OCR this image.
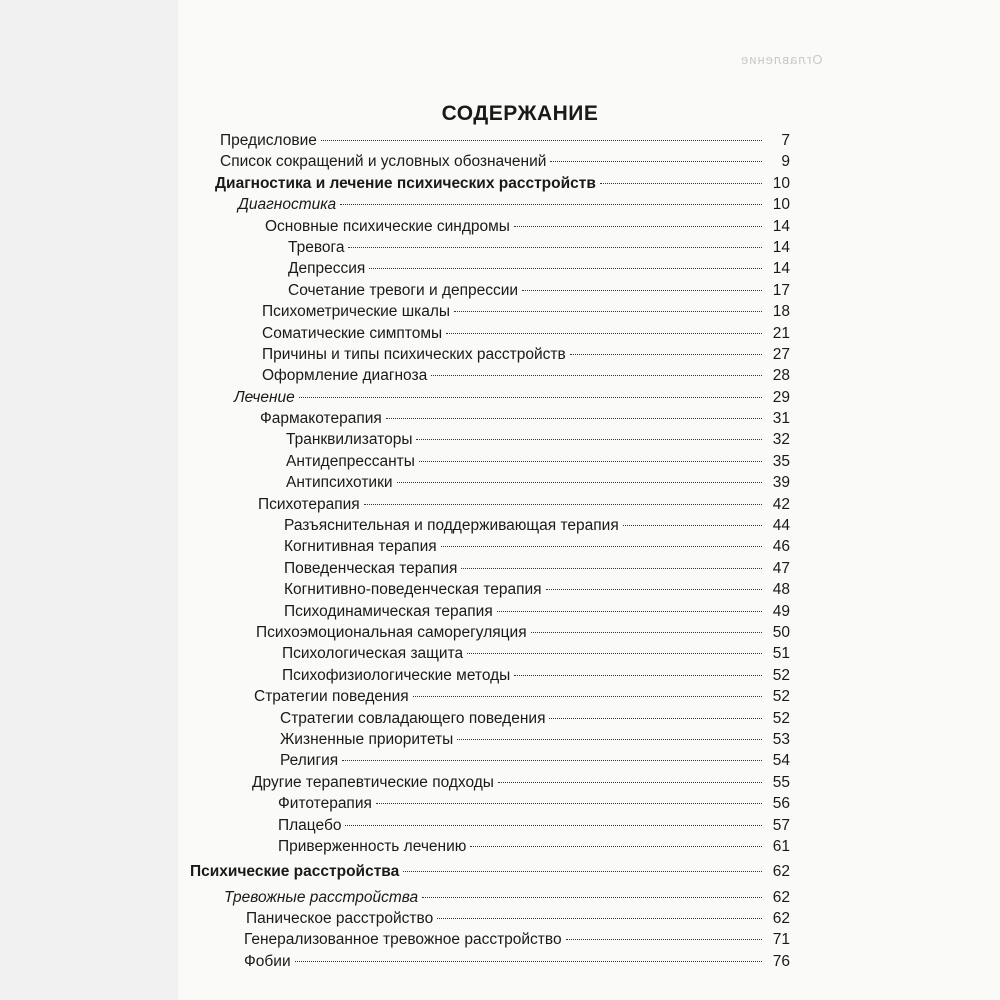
Оглавление
СОДЕРЖАНИЕ
Предисловие	7
Список сокращений и условных обозначений	9
Диагностика и лечение психических расстройств	10
Диагностика	10
Основные психические синдромы	14
Тревога	14
Депрессия	14
Сочетание тревоги и депрессии	17
Психометрические шкалы	18
Соматические симптомы	21
Причины и типы психических расстройств	27
Оформление диагноза	28
Лечение	29
Фармакотерапия	31
Транквилизаторы	32
Антидепрессанты	35
Антипсихотики	39
Психотерапия	42
Разъяснительная и поддерживающая терапия	44
Когнитивная терапия	46
Поведенческая терапия	47
Когнитивно-поведенческая терапия	48
Психодинамическая терапия	49
Психоэмоциональная саморегуляция	50
Психологическая защита	51
Психофизиологические методы	52
Стратегии поведения	52
Стратегии совладающего поведения	52
Жизненные приоритеты	53
Религия	54
Другие терапевтические подходы	55
Фитотерапия	56
Плацебо	57
Приверженность лечению	61
Психические расстройства	62
Тревожные расстройства	62
Паническое расстройство	62
Генерализованное тревожное расстройство	71
Фобии	76
